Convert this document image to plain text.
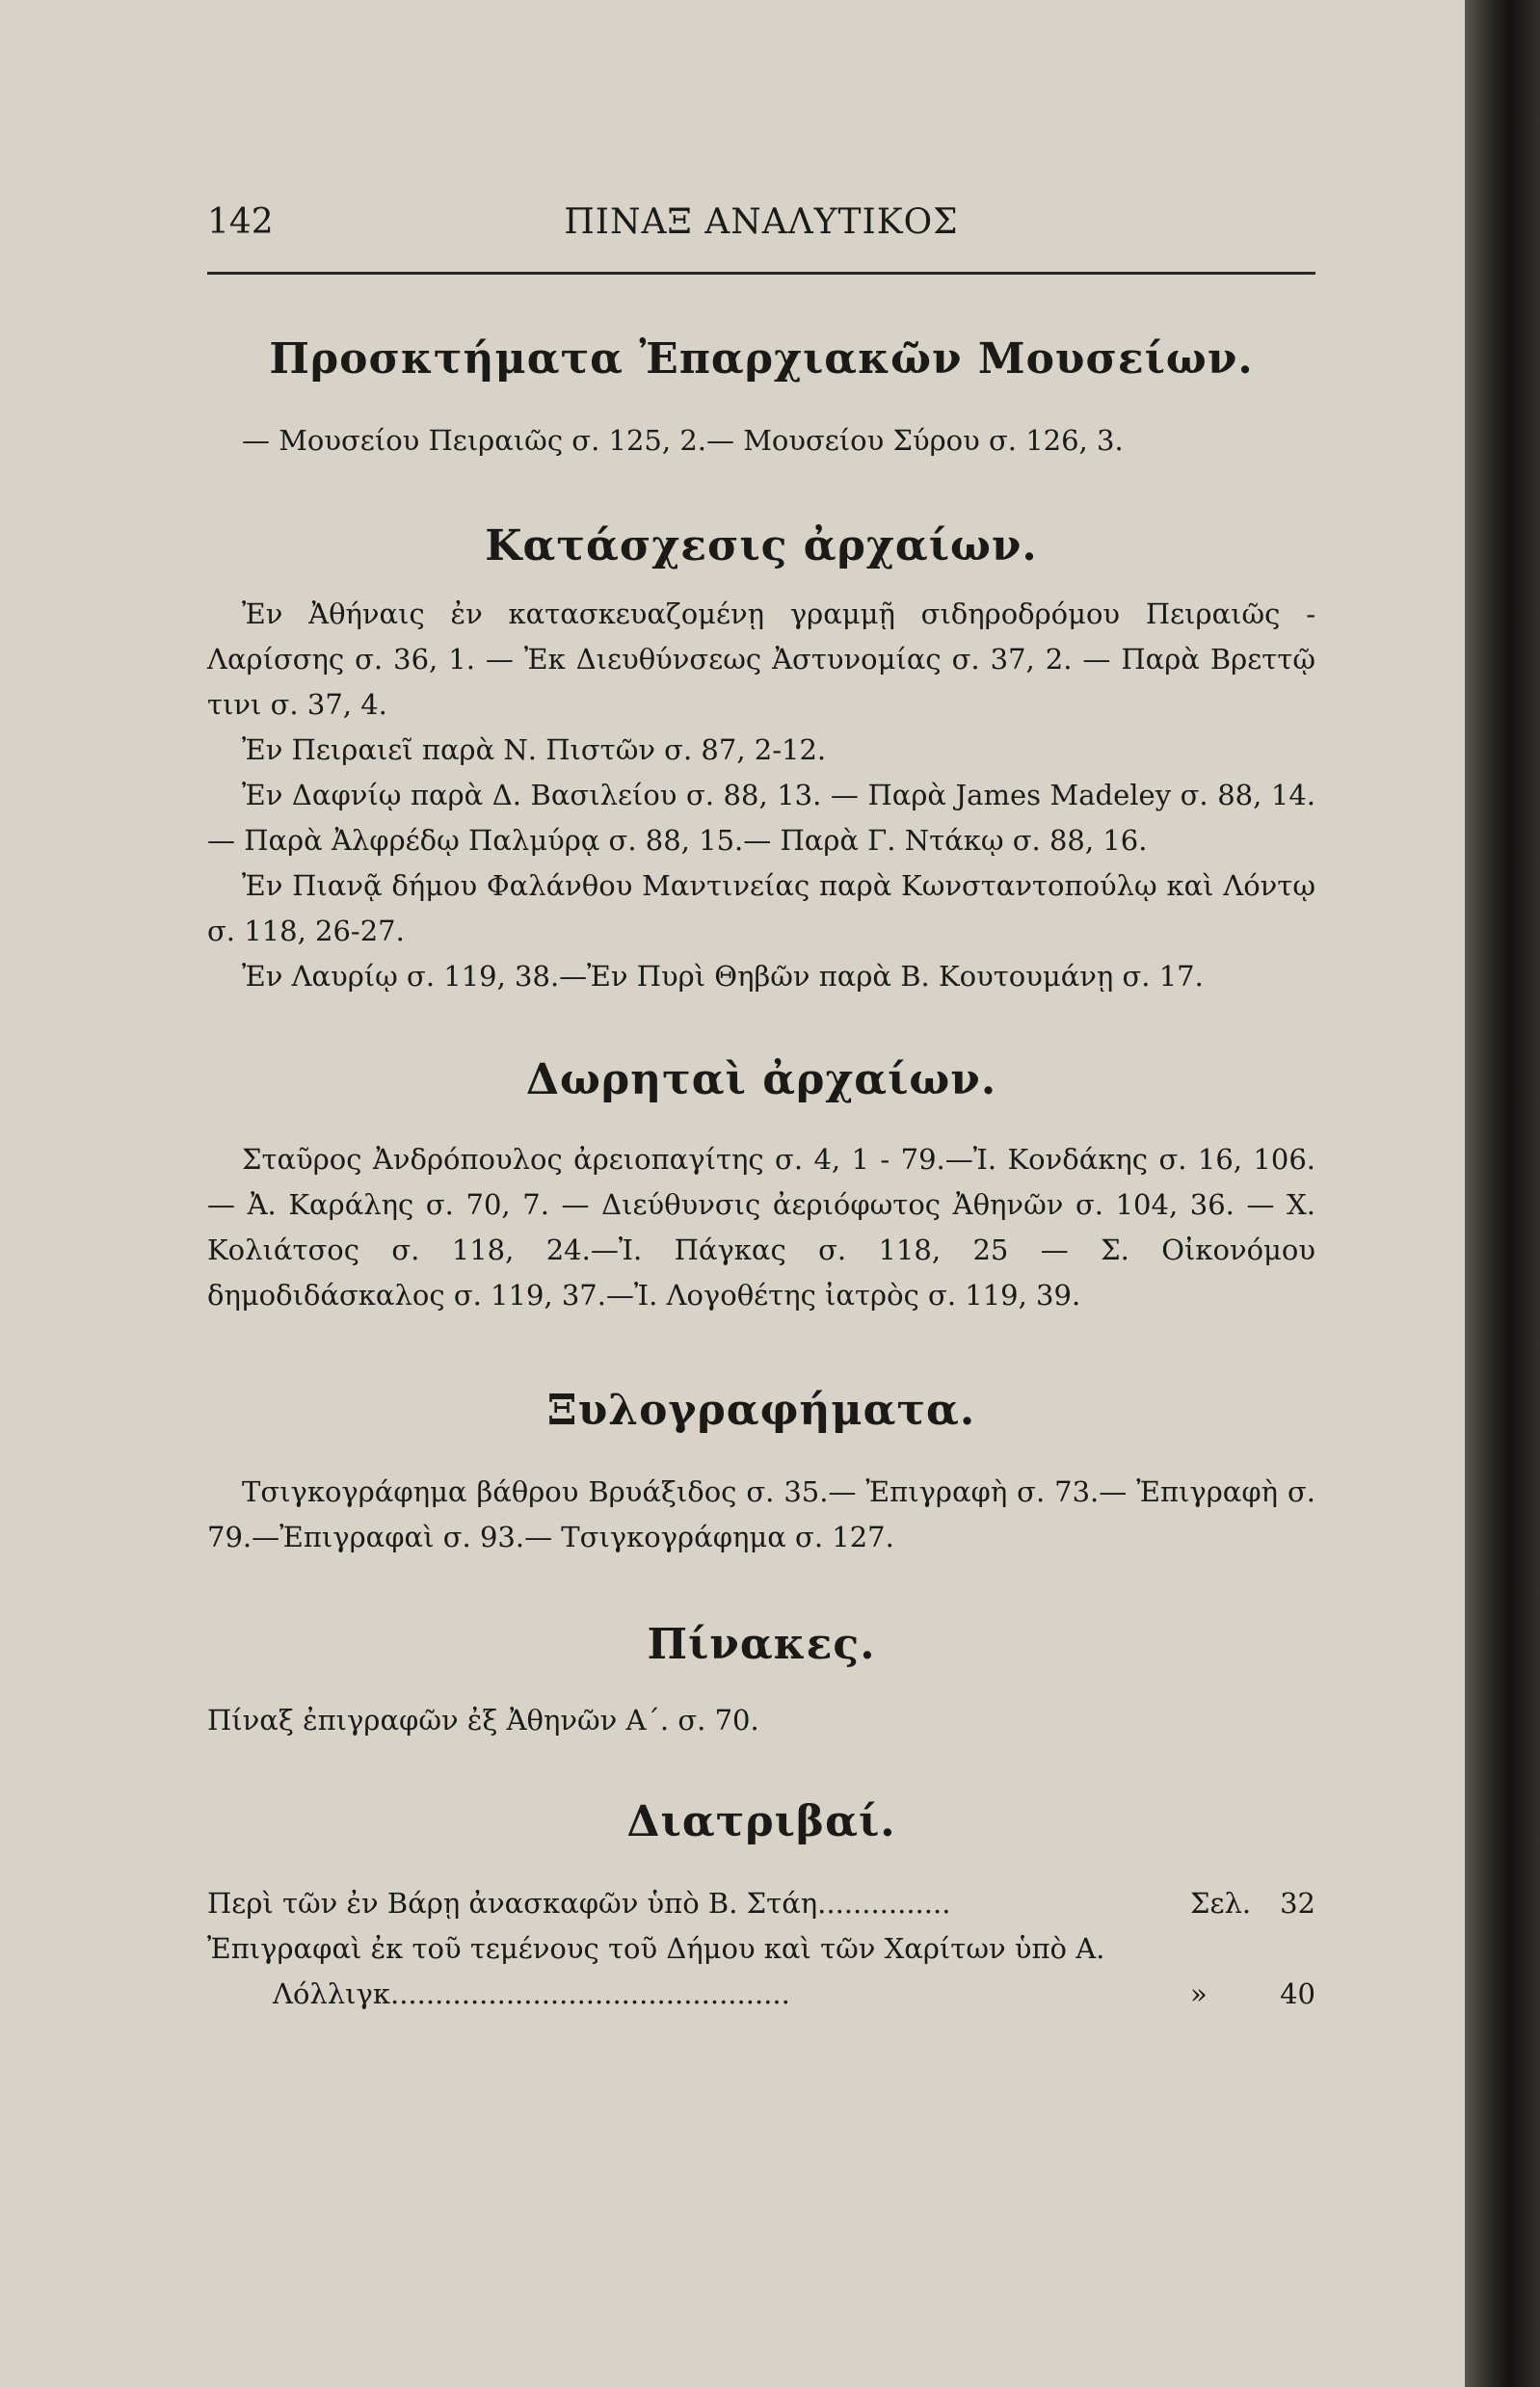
142	ΠΙΝΑΞ ΑΝΑΛΥΤΙΚΟΣ
Προσκτήματα Ἐπαρχιακῶν Μουσείων.

— Μουσείου Πειραιῶς σ. 125, 2.— Μουσείου Σύρου σ. 126, 3.

Κατάσχεσις ἀρχαίων.

Ἐν Ἀθήναις ἐν κατασκευαζομένῃ γραμμῇ σιδηροδρόμου Πειραιῶς - Λαρίσσης σ. 36, 1. — Ἐκ Διευθύνσεως Ἀστυνομίας σ. 37, 2. — Παρὰ Βρεττῷ τινι σ. 37, 4.

Ἐν Πειραιεῖ παρὰ Ν. Πιστῶν σ. 87, 2-12.

Ἐν Δαφνίῳ παρὰ Δ. Βασιλείου σ. 88, 13. — Παρὰ James Madeley σ. 88, 14.— Παρὰ Ἀλφρέδῳ Παλμύρᾳ σ. 88, 15.— Παρὰ Γ. Ντάκῳ σ. 88, 16.

Ἐν Πιανᾷ δήμου Φαλάνθου Μαντινείας παρὰ Κωνσταντοπούλῳ καὶ Λόντῳ σ. 118, 26-27.

Ἐν Λαυρίῳ σ. 119, 38.—Ἐν Πυρὶ Θηβῶν παρὰ Β. Κουτουμάνῃ σ. 17.

Δωρηταὶ ἀρχαίων.

Σταῦρος Ἀνδρόπουλος ἀρειοπαγίτης σ. 4, 1 - 79.—Ἰ. Κονδάκης σ. 16, 106. — Ἀ. Καράλης σ. 70, 7. — Διεύθυνσις ἀεριόφωτος Ἀθηνῶν σ. 104, 36. — Χ. Κολιάτσος σ. 118, 24.—Ἰ. Πάγκας σ. 118, 25 — Σ. Οἰκονόμου δημοδιδάσκαλος σ. 119, 37.—Ἰ. Λογοθέτης ἰατρὸς σ. 119, 39.

Ξυλογραφήματα.

Τσιγκογράφημα βάθρου Βρυάξιδος σ. 35.— Ἐπιγραφὴ σ. 73.— Ἐπιγραφὴ σ. 79.—Ἐπιγραφαὶ σ. 93.— Τσιγκογράφημα σ. 127.

Πίνακες.

Πίναξ ἐπιγραφῶν ἐξ Ἀθηνῶν Α΄. σ. 70.

Διατριβαί.
Περὶ τῶν ἐν Βάρῃ ἀνασκαφῶν ὑπὸ Β. Στάη...............	Σελ.	32
Ἐπιγραφαὶ ἐκ τοῦ τεμένους τοῦ Δήμου καὶ τῶν Χαρίτων ὑπὸ Α.
Λόλλιγκ.............................................	»	40
